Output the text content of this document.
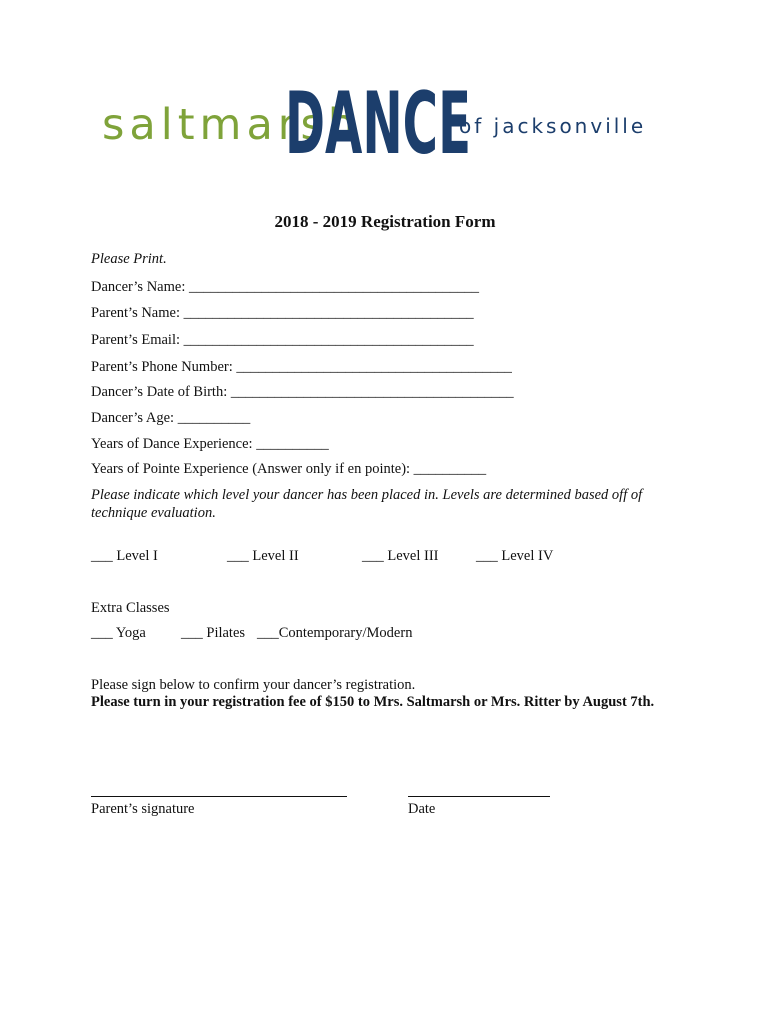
saltmarsh
DANCE
of jacksonville
2018 - 2019 Registration Form
Please Print.
Dancer’s Name: ________________________________________
Parent’s Name: ________________________________________
Parent’s Email: ________________________________________
Parent’s Phone Number: ______________________________________
Dancer’s Date of Birth: _______________________________________
Dancer’s Age: __________
Years of Dance Experience: __________
Years of Pointe Experience (Answer only if en pointe): __________
Please indicate which level your dancer has been placed in. Levels are determined based off of technique evaluation.
___ Level I	___ Level II	___ Level III	___ Level IV
Extra Classes
___ Yoga ___ Pilates ___Contemporary/Modern
Please sign below to confirm your dancer’s registration.
Please turn in your registration fee of $150 to Mrs. Saltmarsh or Mrs. Ritter by August 7th.
Parent’s signature	Date
